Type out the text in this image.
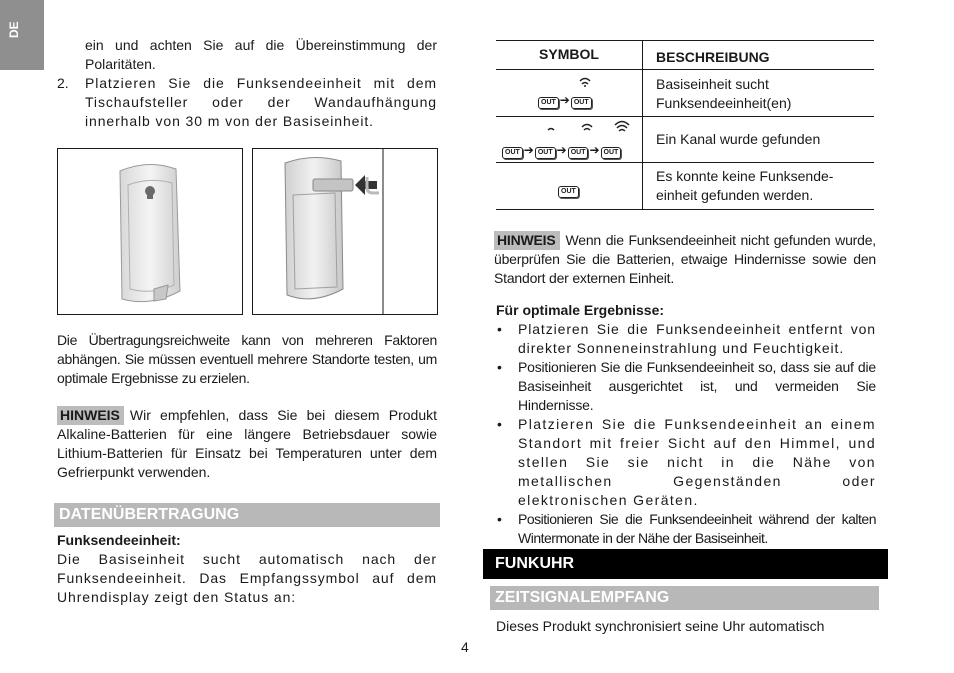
DE
ein und achten Sie auf die Übereinstimmung der Polaritäten.
2.	Platzieren Sie die Funksendeeinheit mit dem Tischaufsteller oder der Wandaufhängung innerhalb von 30 m von der Basiseinheit.
Die Übertragungsreichweite kann von mehreren Faktoren abhängen. Sie müssen eventuell mehrere Standorte testen, um optimale Ergebnisse zu erzielen.
HINWEIS Wir empfehlen, dass Sie bei diesem Produkt Alkaline-Batterien für eine längere Betriebsdauer sowie Lithium-Batterien für Einsatz bei Temperaturen unter dem Gefrierpunkt verwenden.
DATENÜBERTRAGUNG
Funksendeeinheit:
Die Basiseinheit sucht automatisch nach der Funksendeeinheit. Das Empfangssymbol auf dem Uhrendisplay zeigt den Status an:
SYMBOL	BESCHREIBUNG
OUT ➔ OUT
Basiseinheit sucht Funksendeeinheit(en)
OUT ➔ OUT ➔ OUT ➔ OUT
Ein Kanal wurde gefunden
OUT
Es konnte keine Funksende-einheit gefunden werden.
HINWEIS Wenn die Funksendeeinheit nicht gefunden wurde, überprüfen Sie die Batterien, etwaige Hindernisse sowie den Standort der externen Einheit.
Für optimale Ergebnisse:
• Platzieren Sie die Funksendeeinheit entfernt von direkter Sonneneinstrahlung und Feuchtigkeit.
• Positionieren Sie die Funksendeeinheit so, dass sie auf die Basiseinheit ausgerichtet ist, und vermeiden Sie Hindernisse.
• Platzieren Sie die Funksendeeinheit an einem Standort mit freier Sicht auf den Himmel, und stellen Sie sie nicht in die Nähe von metallischen Gegenständen oder elektronischen Geräten.
• Positionieren Sie die Funksendeeinheit während der kalten Wintermonate in der Nähe der Basiseinheit.
FUNKUHR
ZEITSIGNALEMPFANG
Dieses Produkt synchronisiert seine Uhr automatisch
4
